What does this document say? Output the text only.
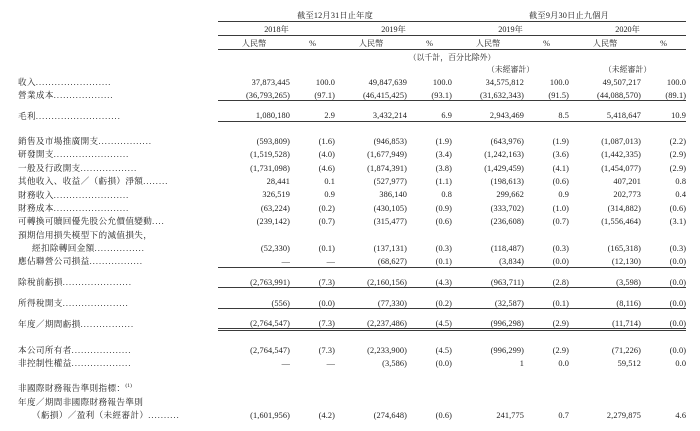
	截至12月31日止年度				截至9月30日止九個月			
	2018年		2019年		2019年		2020年	
	人民幣	%	人民幣	%	人民幣	%	人民幣	%
	（以千計，百分比除外）							
					（未經審計）		（未經審計）	
收入........................	37,873,445	100.0	49,847,639	100.0	34,575,812	100.0	49,507,217	100.0
營業成本...................	(36,793,265)	(97.1)	(46,415,425)	(93.1)	(31,632,343)	(91.5)	(44,088,570)	(89.1)

毛利...........................	1,080,180	2.9	3,432,214	6.9	2,943,469	8.5	5,418,647	10.9

銷售及市場推廣開支.................	(593,809)	(1.6)	(946,853)	(1.9)	(643,976)	(1.9)	(1,087,013)	(2.2)
研發開支........................	(1,519,528)	(4.0)	(1,677,949)	(3.4)	(1,242,163)	(3.6)	(1,442,335)	(2.9)
一般及行政開支..................	(1,731,098)	(4.6)	(1,874,391)	(3.8)	(1,429,459)	(4.1)	(1,454,077)	(2.9)
其他收入、收益／（虧損）淨額........	28,441	0.1	(527,977)	(1.1)	(198,613)	(0.6)	407,201	0.8
財務收入........................	326,519	0.9	386,140	0.8	299,662	0.9	202,773	0.4
財務成本........................	(63,224)	(0.2)	(430,105)	(0.9)	(333,702)	(1.0)	(314,882)	(0.6)
可轉換可贖回優先股公允價值變動....	(239,142)	(0.7)	(315,477)	(0.6)	(236,608)	(0.7)	(1,556,464)	(3.1)
預期信用損失模型下的減值損失，								
經扣除轉回金額................	(52,330)	(0.1)	(137,131)	(0.3)	(118,487)	(0.3)	(165,318)	(0.3)
應佔聯營公司損益.................	—	—	(68,627)	(0.1)	(3,834)	(0.0)	(12,130)	(0.0)

除稅前虧損......................	(2,763,991)	(7.3)	(2,160,156)	(4.3)	(963,711)	(2.8)	(3,598)	(0.0)

所得稅開支.....................	(556)	(0.0)	(77,330)	(0.2)	(32,587)	(0.1)	(8,116)	(0.0)

年度／期間虧損.................	(2,764,547)	(7.3)	(2,237,486)	(4.5)	(996,298)	(2.9)	(11,714)	(0.0)

本公司所有者...................	(2,764,547)	(7.3)	(2,233,900)	(4.5)	(996,299)	(2.9)	(71,226)	(0.0)
非控制性權益...................	—	—	(3,586)	(0.0)	1	0.0	59,512	0.0

非國際財務報告準則指標：$^{(1)}$								
年度／期間非國際財務報告準則								
（虧損）／盈利（未經審計）..........	(1,601,956)	(4.2)	(274,648)	(0.6)	241,775	0.7	2,279,875	4.6
